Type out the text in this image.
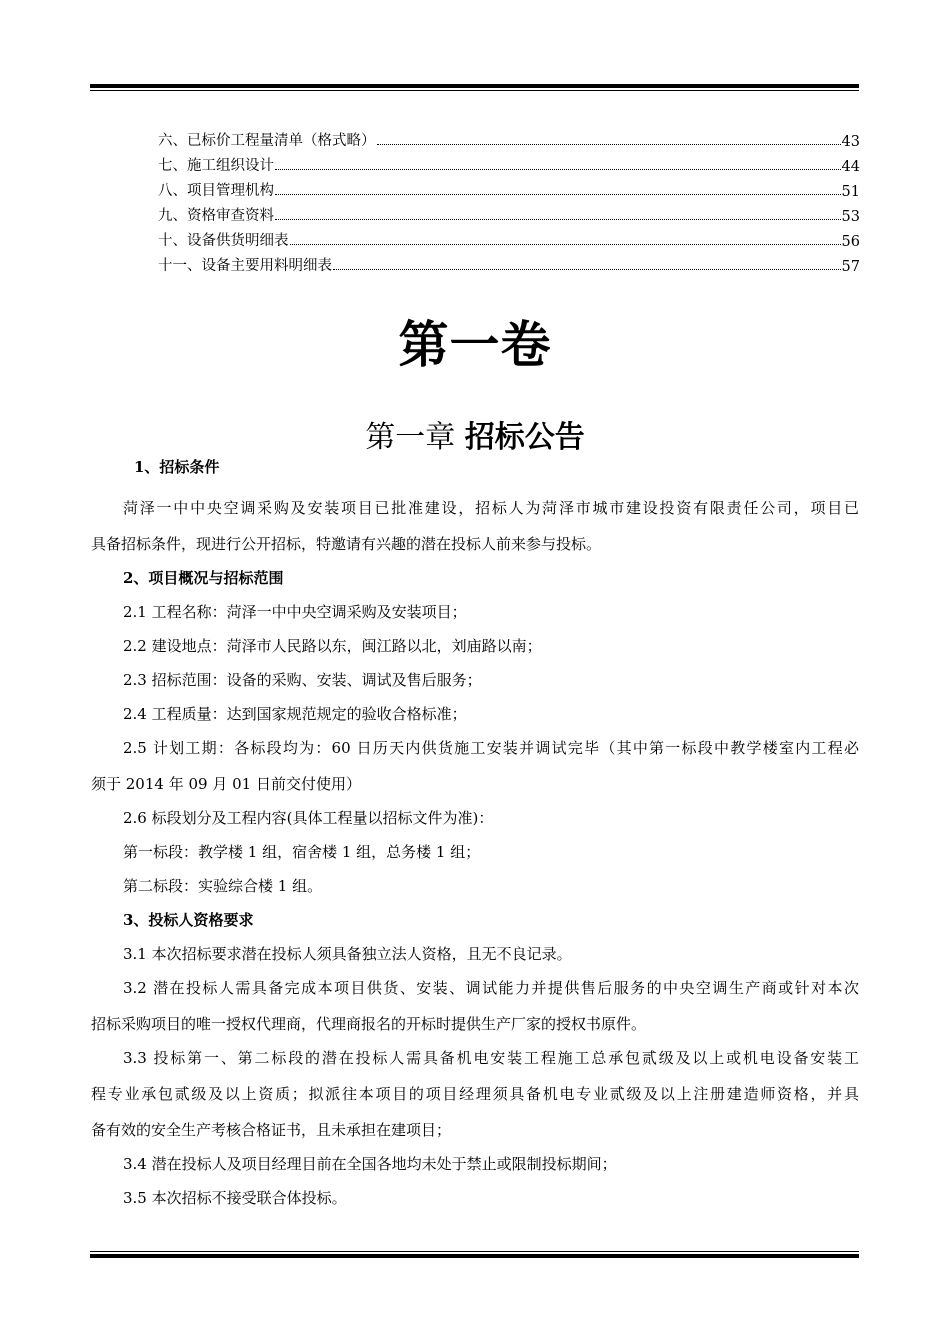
六、已标价工程量清单（格式略）	43
七、施工组织设计	44
八、项目管理机构	51
九、资格审查资料	53
十、设备供货明细表	56
十一、设备主要用料明细表	57
第一卷
第一章 招标公告
1、招标条件
菏泽一中中央空调采购及安装项目已批准建设，招标人为菏泽市城市建设投资有限责任公司，项目已
具备招标条件，现进行公开招标，特邀请有兴趣的潜在投标人前来参与投标。
2、项目概况与招标范围
2.1 工程名称：菏泽一中中央空调采购及安装项目；
2.2 建设地点：菏泽市人民路以东，闽江路以北，刘庙路以南；
2.3 招标范围：设备的采购、安装、调试及售后服务；
2.4 工程质量：达到国家规范规定的验收合格标准；
2.5 计划工期：各标段均为：60 日历天内供货施工安装并调试完毕（其中第一标段中教学楼室内工程必
须于 2014 年 09 月 01 日前交付使用）
2.6 标段划分及工程内容(具体工程量以招标文件为准)：
第一标段：教学楼 1 组，宿舍楼 1 组，总务楼 1 组；
第二标段：实验综合楼 1 组。
3、投标人资格要求
3.1 本次招标要求潜在投标人须具备独立法人资格，且无不良记录。
3.2 潜在投标人需具备完成本项目供货、安装、调试能力并提供售后服务的中央空调生产商或针对本次
招标采购项目的唯一授权代理商，代理商报名的开标时提供生产厂家的授权书原件。
3.3 投标第一、第二标段的潜在投标人需具备机电安装工程施工总承包贰级及以上或机电设备安装工
程专业承包贰级及以上资质；拟派往本项目的项目经理须具备机电专业贰级及以上注册建造师资格，并具
备有效的安全生产考核合格证书，且未承担在建项目；
3.4 潜在投标人及项目经理目前在全国各地均未处于禁止或限制投标期间；
3.5 本次招标不接受联合体投标。
